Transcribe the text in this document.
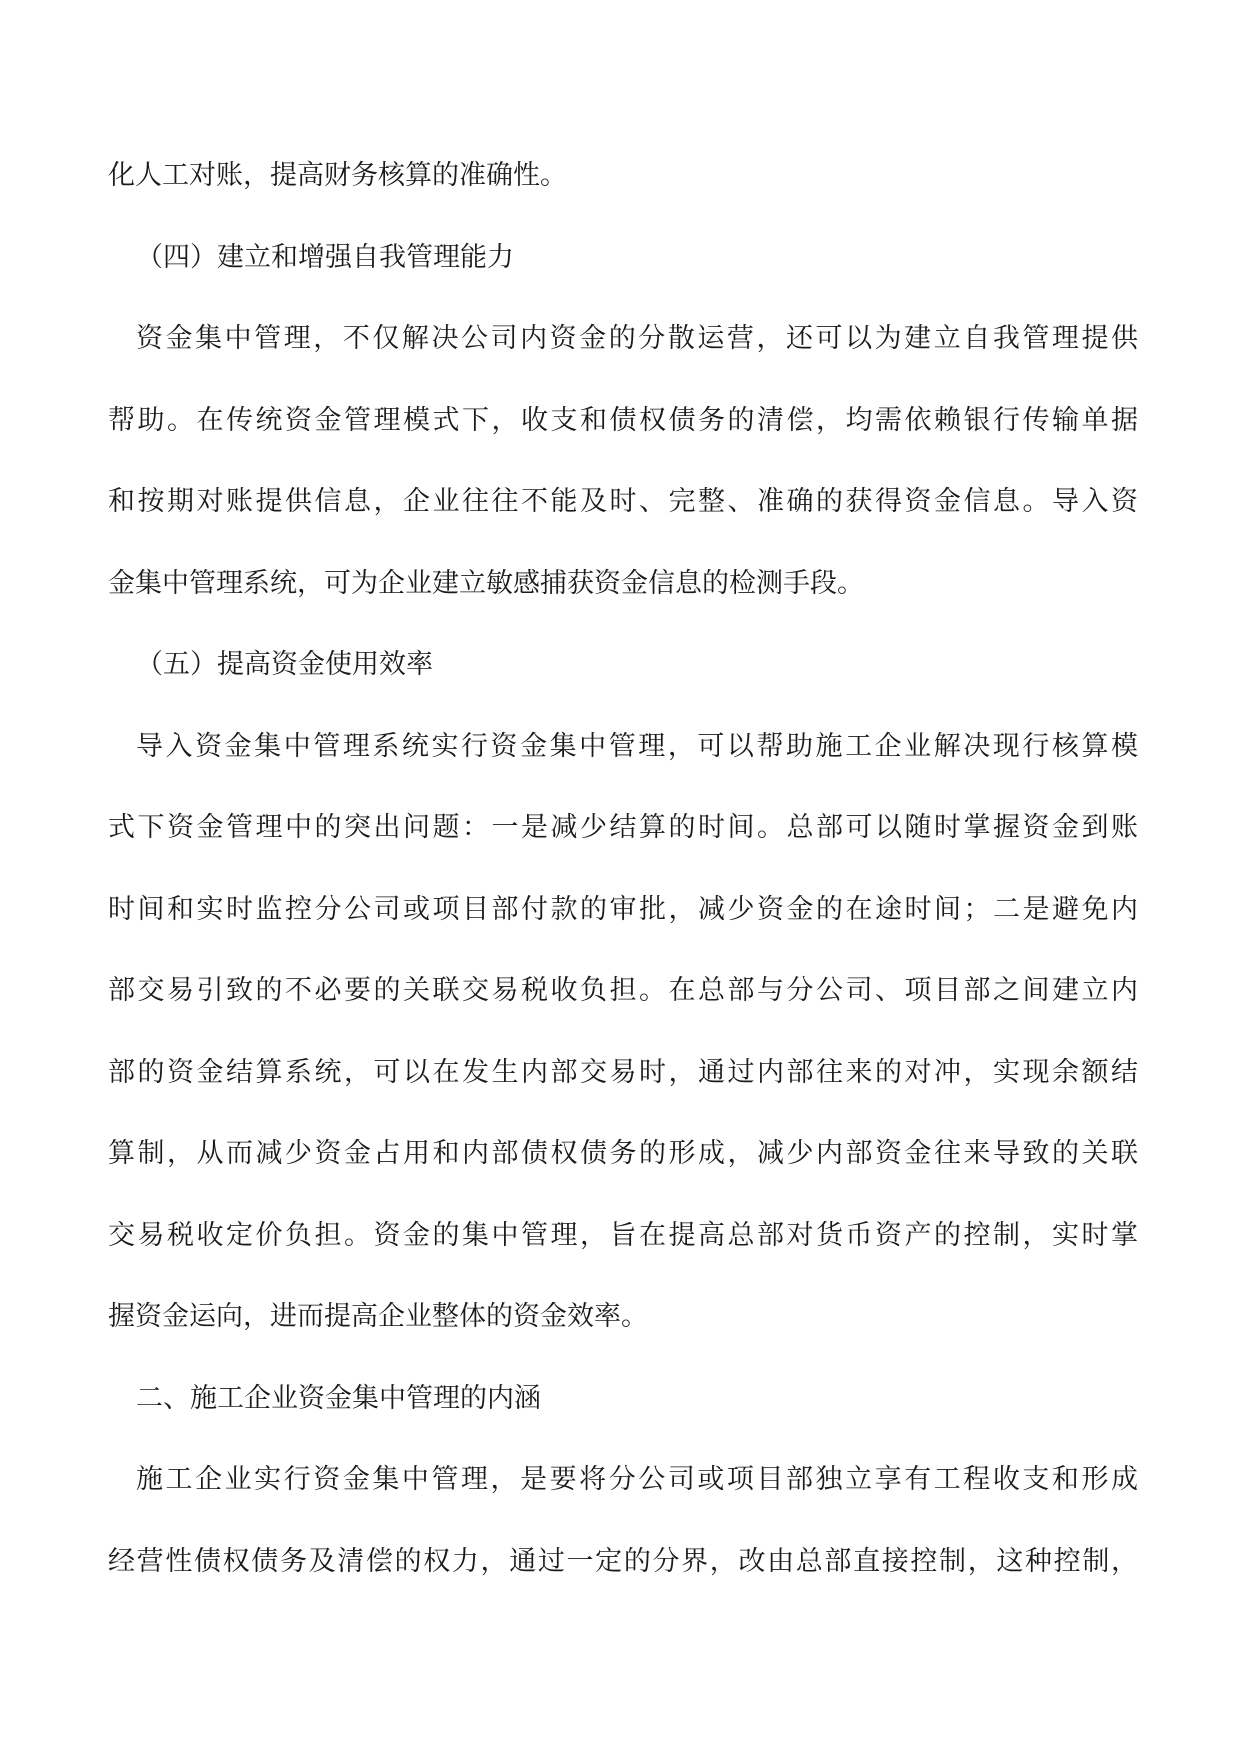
化人工对账，提高财务核算的准确性。
（四）建立和增强自我管理能力
资金集中管理，不仅解决公司内资金的分散运营，还可以为建立自我管理提供
帮助。在传统资金管理模式下，收支和债权债务的清偿，均需依赖银行传输单据
和按期对账提供信息，企业往往不能及时、完整、准确的获得资金信息。导入资
金集中管理系统，可为企业建立敏感捕获资金信息的检测手段。
（五）提高资金使用效率
导入资金集中管理系统实行资金集中管理，可以帮助施工企业解决现行核算模
式下资金管理中的突出问题：一是减少结算的时间。总部可以随时掌握资金到账
时间和实时监控分公司或项目部付款的审批，减少资金的在途时间；二是避免内
部交易引致的不必要的关联交易税收负担。在总部与分公司、项目部之间建立内
部的资金结算系统，可以在发生内部交易时，通过内部往来的对冲，实现余额结
算制，从而减少资金占用和内部债权债务的形成，减少内部资金往来导致的关联
交易税收定价负担。资金的集中管理，旨在提高总部对货币资产的控制，实时掌
握资金运向，进而提高企业整体的资金效率。
二、施工企业资金集中管理的内涵
施工企业实行资金集中管理，是要将分公司或项目部独立享有工程收支和形成
经营性债权债务及清偿的权力，通过一定的分界，改由总部直接控制，这种控制，
